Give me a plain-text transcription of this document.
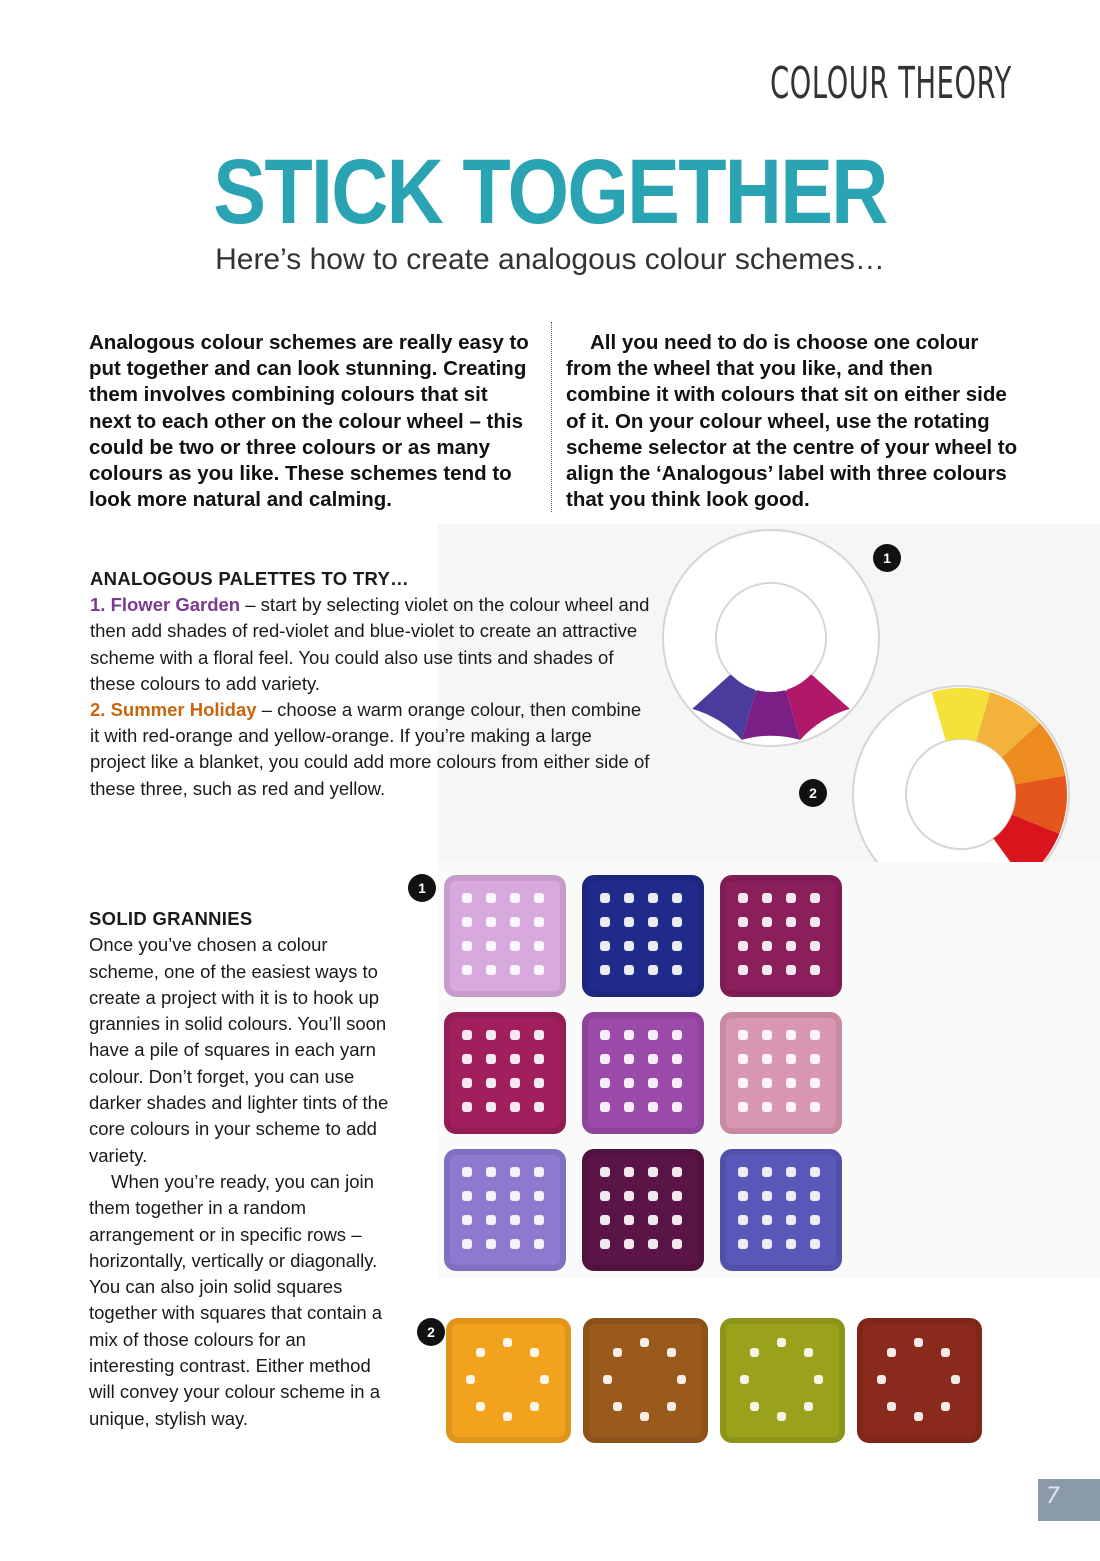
COLOUR THEORY
STICK TOGETHER
Here’s how to create analogous colour schemes…
Analogous colour schemes are really easy to put together and can look stunning. Creating them involves combining colours that sit next to each other on the colour wheel – this could be two or three colours or as many colours as you like. These schemes tend to look more natural and calming.
All you need to do is choose one colour from the wheel that you like, and then combine it with colours that sit on either side of it. On your colour wheel, use the rotating scheme selector at the centre of your wheel to align the ‘Analogous’ label with three colours that you think look good.
1
2
ANALOGOUS PALETTES TO TRY…
1. Flower Garden – start by selecting violet on the colour wheel and then add shades of red-violet and blue-violet to create an attractive scheme with a floral feel. You could also use tints and shades of these colours to add variety.
2. Summer Holiday – choose a warm orange colour, then combine it with red-orange and yellow-orange. If you’re making a large project like a blanket, you could add more colours from either side of these three, such as red and yellow.
1
2
SOLID GRANNIES

Once you’ve chosen a colour scheme, one of the easiest ways to create a project with it is to hook up grannies in solid colours. You’ll soon have a pile of squares in each yarn colour. Don’t forget, you can use darker shades and lighter tints of the core colours in your scheme to add variety.

When you’re ready, you can join them together in a random arrangement or in specific rows – horizontally, vertically or diagonally. You can also join solid squares together with squares that contain a mix of those colours for an interesting contrast. Either method will convey your colour scheme in a unique, stylish way.

7
